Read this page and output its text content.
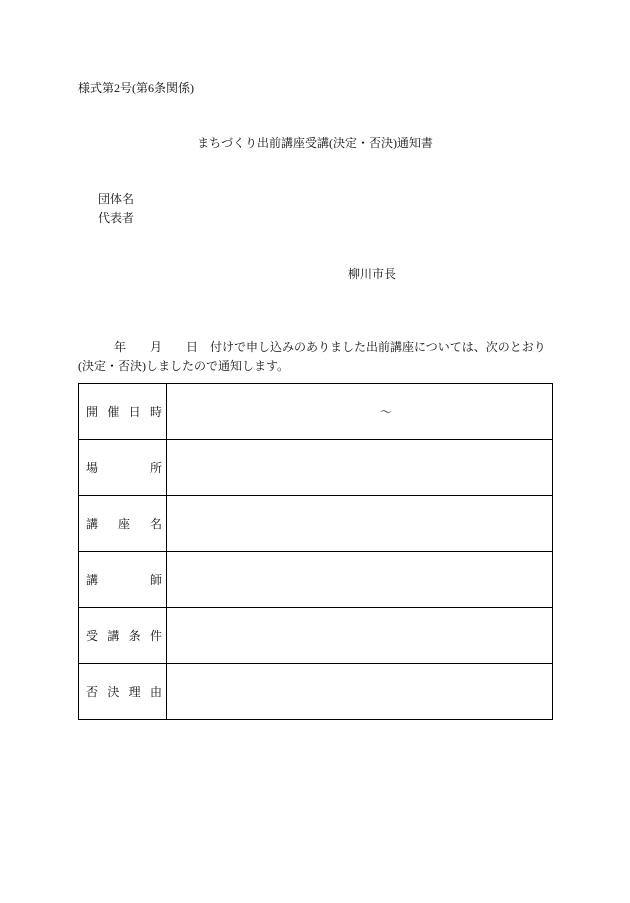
様式第2号(第6条関係)
まちづくり出前講座受講(決定・否決)通知書
団体名
代表者
柳川市長
　　　年　　月　　日　付けで申し込みのありました出前講座については、次のとおり
(決定・否決)しましたので通知します。
開 催 日 時	～
場	所
講 座 名
講	師
受 講 条 件
否 決 理 由
